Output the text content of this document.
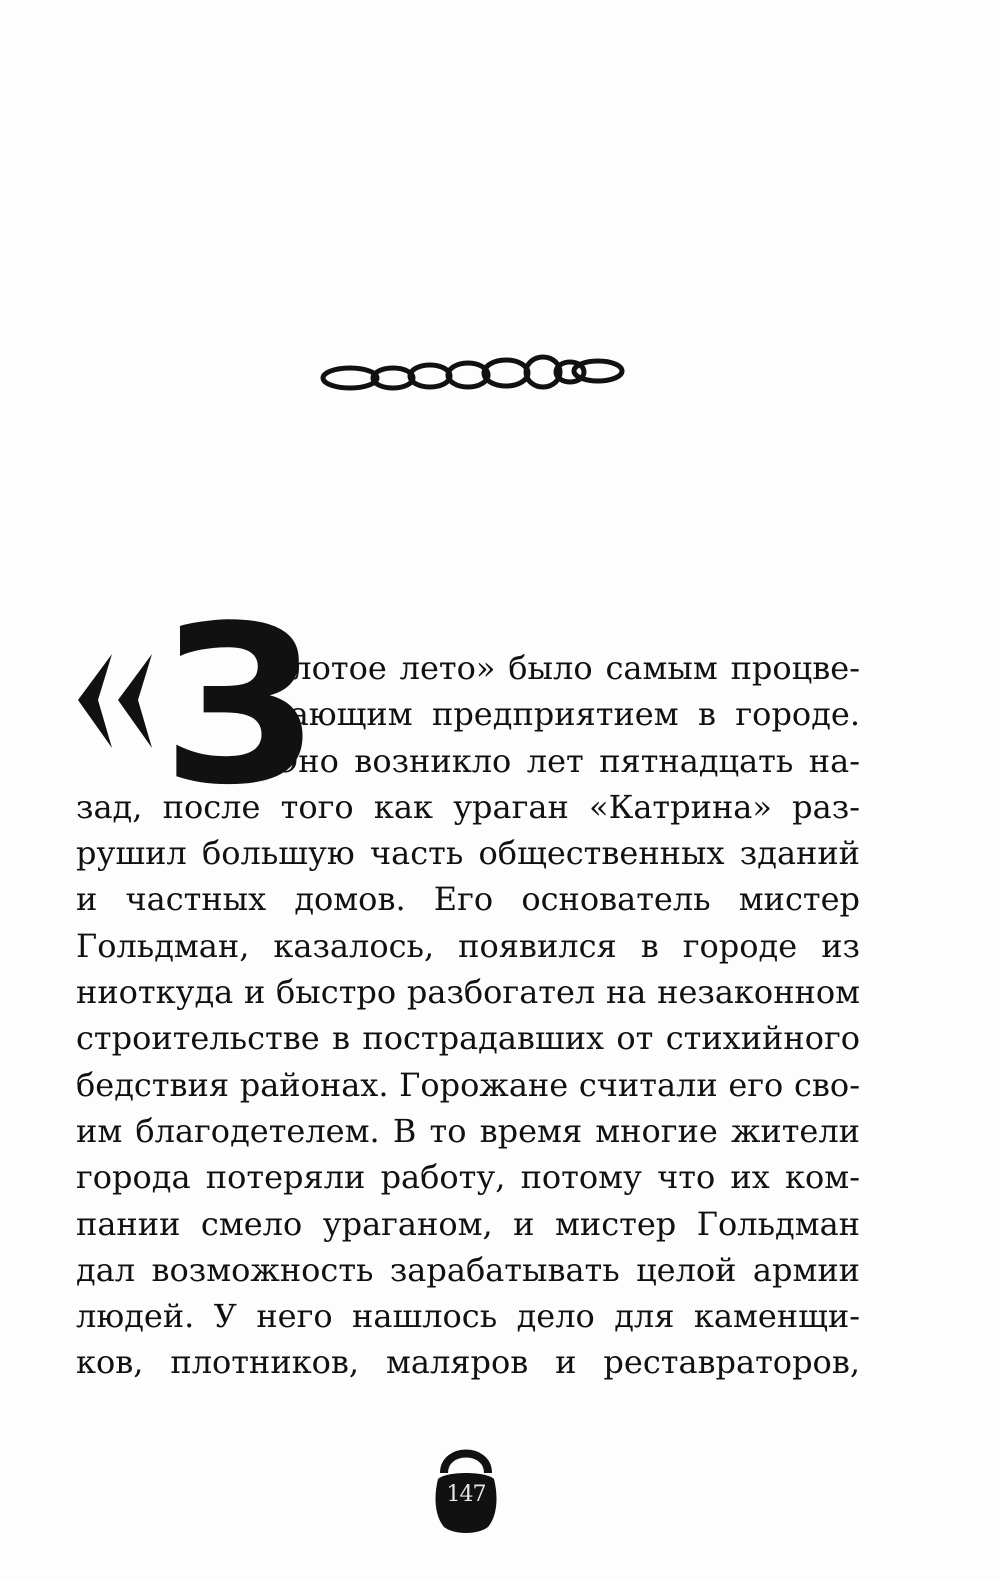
З
олотое лето» было самым процве-
тающим предприятием в городе.
Оно возникло лет пятнадцать на-
зад, после того как ураган «Катрина» раз-
рушил большую часть общественных зданий
и частных домов. Его основатель мистер
Гольдман, казалось, появился в городе из
ниоткуда и быстро разбогател на незаконном
строительстве в пострадавших от стихийного
бедствия районах. Горожане считали его сво-
им благодетелем. В то время многие жители
города потеряли работу, потому что их ком-
пании смело ураганом, и мистер Гольдман
дал возможность зарабатывать целой армии
людей. У него нашлось дело для каменщи-
ков, плотников, маляров и реставраторов,
147
